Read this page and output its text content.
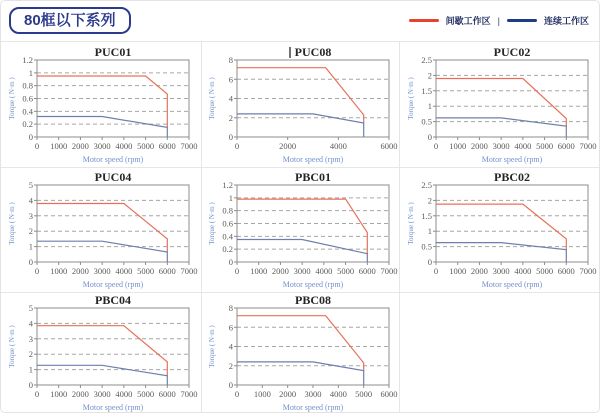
80框以下系列	间歇工作区 |	连续工作区
0 1000 2000 3000 4000 5000 6000 7000
0
0.2
0.4
0.6
0.8
1
1.2
PUC01
Motor speed (rpm)
Torque ( N·m )
0	2000	4000	6000
0
2
4
6
8
PUC08
Motor speed (rpm)
Torque ( N·m )
0 1000 2000 3000 4000 5000 6000 7000
0
0.5
1
1.5
2
2.5
PUC02
Motor speed (rpm)
Torque ( N·m )
0 1000 2000 3000 4000 5000 6000 7000
0
1
2
3
4
5
PUC04
Motor speed (rpm)
Torque ( N·m )
0 1000 2000 3000 4000 5000 6000 7000
0
0.2
0.4
0.6
0.8
1
1.2
PBC01
Motor speed (rpm)
Torque ( N·m )
0 1000 2000 3000 4000 5000 6000 7000
0
0.5
1
1.5
2
2.5
PBC02
Motor speed (rpm)
Torque ( N·m )
0 1000 2000 3000 4000 5000 6000 7000
0
1
2
3
4
5
PBC04
Motor speed (rpm)
Torque ( N·m )
0 1000 2000 3000 4000 5000 6000
0
2
4
6
8
PBC08
Motor speed (rpm)
Torque ( N·m )
